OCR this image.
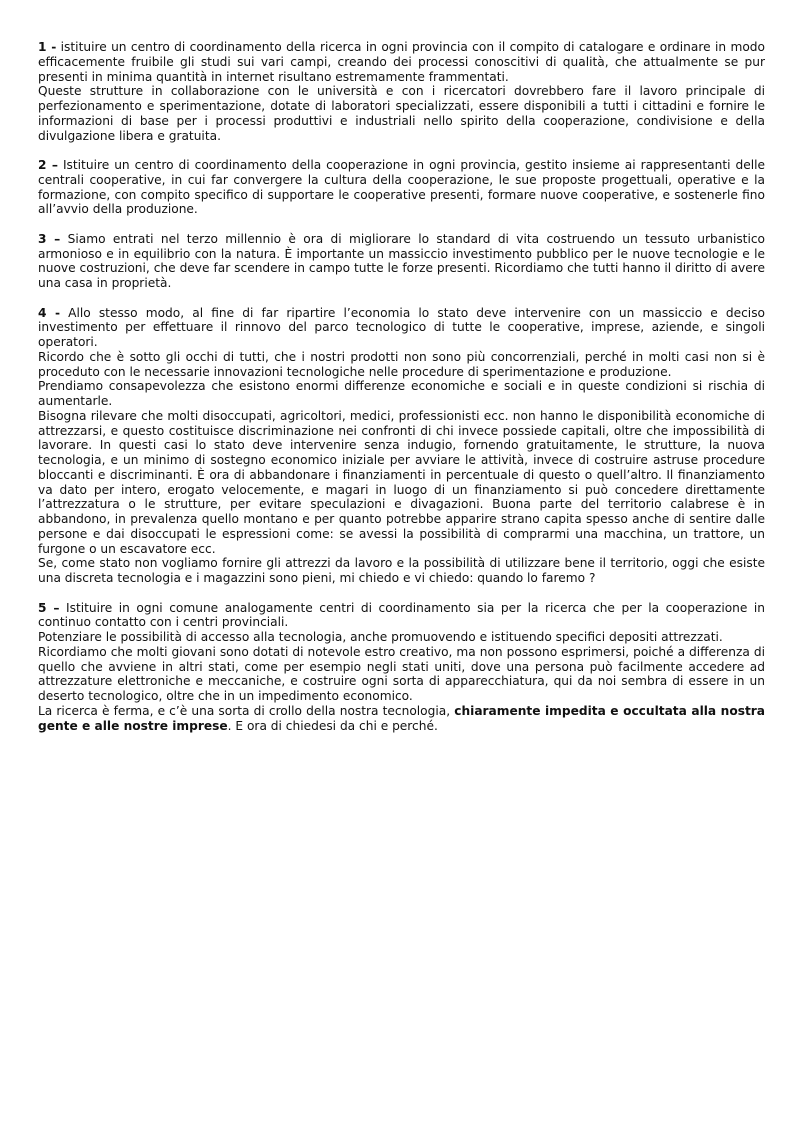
1 - istituire un centro di coordinamento della ricerca in ogni provincia con il compito di catalogare e ordinare in modo efficacemente fruibile gli studi sui vari campi, creando dei processi conoscitivi di qualità, che attualmente se pur presenti in minima quantità in internet risultano estremamente frammentati.

Queste strutture in collaborazione con le università e con i ricercatori dovrebbero fare il lavoro principale di perfezionamento e sperimentazione, dotate di laboratori specializzati, essere disponibili a tutti i cittadini e fornire le informazioni di base per i processi produttivi e industriali nello spirito della cooperazione, condivisione e della divulgazione libera e gratuita.

2 – Istituire un centro di coordinamento della cooperazione in ogni provincia, gestito insieme ai rappresentanti delle centrali cooperative, in cui far convergere la cultura della cooperazione, le sue proposte progettuali, operative e la formazione, con compito specifico di supportare le cooperative presenti, formare nuove cooperative, e sostenerle fino all’avvio della produzione.

3 – Siamo entrati nel terzo millennio è ora di migliorare lo standard di vita costruendo un tessuto urbanistico armonioso e in equilibrio con la natura. È importante un massiccio investimento pubblico per le nuove tecnologie e le nuove costruzioni, che deve far scendere in campo tutte le forze presenti. Ricordiamo che tutti hanno il diritto di avere una casa in proprietà.

4 - Allo stesso modo, al fine di far ripartire l’economia lo stato deve intervenire con un massiccio e deciso investimento per effettuare il rinnovo del parco tecnologico di tutte le cooperative, imprese, aziende, e singoli operatori.

Ricordo che è sotto gli occhi di tutti, che i nostri prodotti non sono più concorrenziali, perché in molti casi non si è proceduto con le necessarie innovazioni tecnologiche nelle procedure di sperimentazione e produzione.

Prendiamo consapevolezza che esistono enormi differenze economiche e sociali e in queste condizioni si rischia di aumentarle.

Bisogna rilevare che molti disoccupati, agricoltori, medici, professionisti ecc. non hanno le disponibilità economiche di attrezzarsi, e questo costituisce discriminazione nei confronti di chi invece possiede capitali, oltre che impossibilità di lavorare. In questi casi lo stato deve intervenire senza indugio, fornendo gratuitamente, le strutture, la nuova tecnologia, e un minimo di sostegno economico iniziale per avviare le attività, invece di costruire astruse procedure bloccanti e discriminanti. È ora di abbandonare i finanziamenti in percentuale di questo o quell’altro. Il finanziamento va dato per intero, erogato velocemente, e magari in luogo di un finanziamento si può concedere direttamente l’attrezzatura o le strutture, per evitare speculazioni e divagazioni. Buona parte del territorio calabrese è in abbandono, in prevalenza quello montano e per quanto potrebbe apparire strano capita spesso anche di sentire dalle persone e dai disoccupati le espressioni come: se avessi la possibilità di comprarmi una macchina, un trattore, un furgone o un escavatore ecc.

Se, come stato non vogliamo fornire gli attrezzi da lavoro e la possibilità di utilizzare bene il territorio, oggi che esiste una discreta tecnologia e i magazzini sono pieni, mi chiedo e vi chiedo: quando lo faremo ?

5 – Istituire in ogni comune analogamente centri di coordinamento sia per la ricerca che per la cooperazione in continuo contatto con i centri provinciali.

Potenziare le possibilità di accesso alla tecnologia, anche promuovendo e istituendo specifici depositi attrezzati.

Ricordiamo che molti giovani sono dotati di notevole estro creativo, ma non possono esprimersi, poiché a differenza di quello che avviene in altri stati, come per esempio negli stati uniti, dove una persona può facilmente accedere ad attrezzature elettroniche e meccaniche, e costruire ogni sorta di apparecchiatura, qui da noi sembra di essere in un deserto tecnologico, oltre che in un impedimento economico.

La ricerca è ferma, e c’è una sorta di crollo della nostra tecnologia, chiaramente impedita e occultata alla nostra gente e alle nostre imprese. E ora di chiedesi da chi e perché.
